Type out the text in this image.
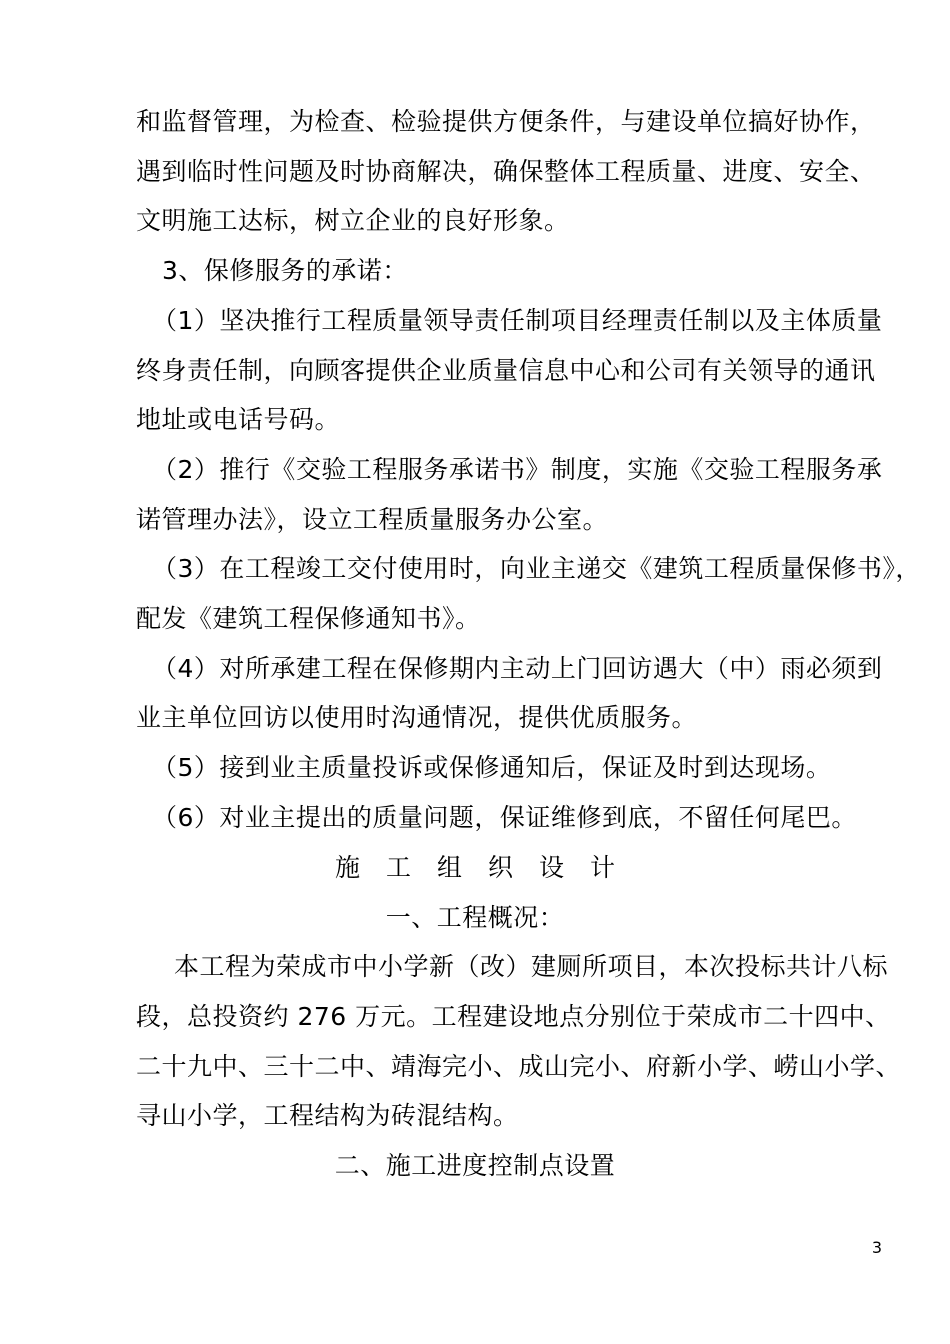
和监督管理，为检查、检验提供方便条件，与建设单位搞好协作，
遇到临时性问题及时协商解决，确保整体工程质量、进度、安全、
文明施工达标，树立企业的良好形象。
3、保修服务的承诺：
（1）坚决推行工程质量领导责任制项目经理责任制以及主体质量
终身责任制，向顾客提供企业质量信息中心和公司有关领导的通讯
地址或电话号码。
（2）推行《交验工程服务承诺书》制度，实施《交验工程服务承
诺管理办法》，设立工程质量服务办公室。
（3）在工程竣工交付使用时，向业主递交《建筑工程质量保修书》，
配发《建筑工程保修通知书》。
（4）对所承建工程在保修期内主动上门回访遇大（中）雨必须到
业主单位回访以使用时沟通情况，提供优质服务。
（5）接到业主质量投诉或保修通知后，保证及时到达现场。
（6）对业主提出的质量问题，保证维修到底，不留任何尾巴。
施工组织设计
一、工程概况：
本工程为荣成市中小学新（改）建厕所项目，本次投标共计八标
段，总投资约 276 万元。工程建设地点分别位于荣成市二十四中、
二十九中、三十二中、靖海完小、成山完小、府新小学、崂山小学、
寻山小学，工程结构为砖混结构。
二、施工进度控制点设置
3
